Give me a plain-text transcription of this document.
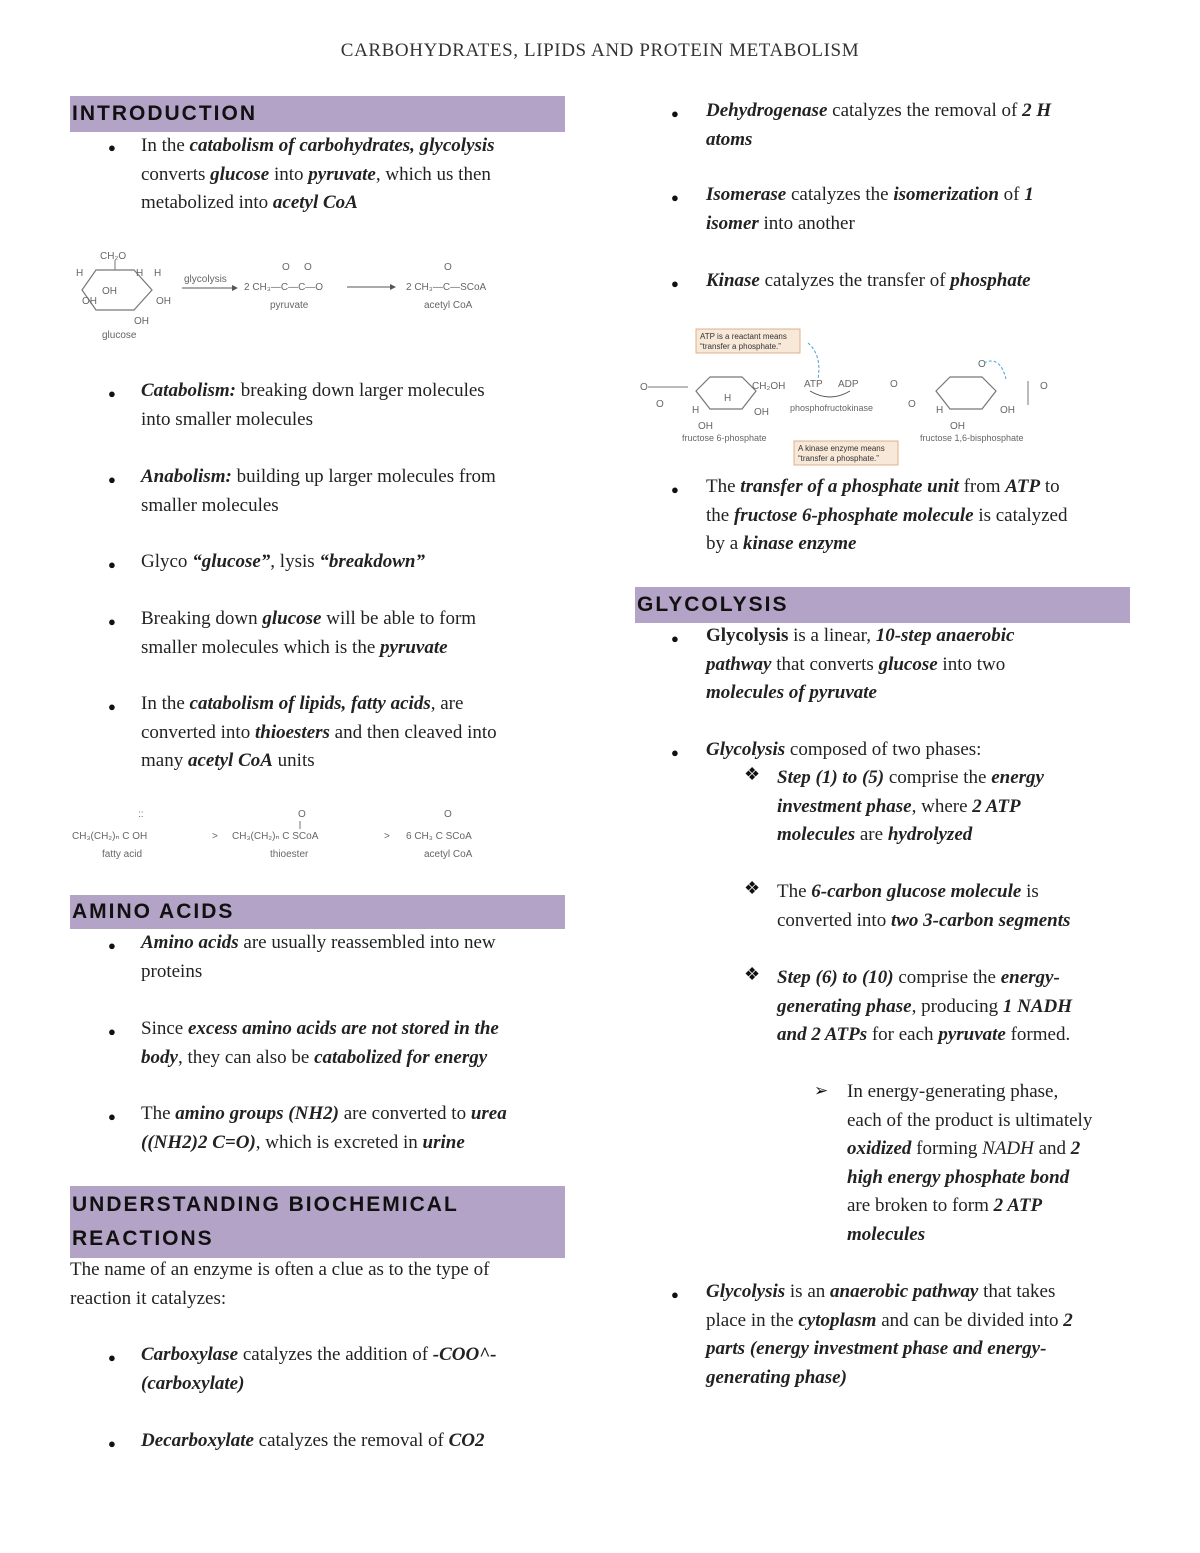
CARBOHYDRATES, LIPIDS AND PROTEIN METABOLISM
INTRODUCTION
● In the catabolism of carbohydrates, glycolysis
converts glucose into pyruvate, which us then
metabolized into acetyl CoA
CH₂O
H	H H
OH
OH
OH
OH
glucose
glycolysis
O O
2 CH₃—C—C—O
pyruvate
O
2 CH₃—C—SCoA
acetyl CoA
● Catabolism: breaking down larger molecules
into smaller molecules
● Anabolism: building up larger molecules from
smaller molecules
● Glyco “glucose”, lysis “breakdown”
● Breaking down glucose will be able to form
smaller molecules which is the pyruvate
● In the catabolism of lipids, fatty acids, are
converted into thioesters and then cleaved into
many acetyl CoA units
::
CH₃(CH₂)ₙ C OH
fatty acid
>
O
CH₃(CH₂)ₙ C SCoA
thioester
>
O
6 CH₃ C SCoA
acetyl CoA
AMINO ACIDS
● Amino acids are usually reassembled into new
proteins
● Since excess amino acids are not stored in the
body, they can also be catabolized for energy
● The amino groups (NH2) are converted to urea
((NH2)2 C=O), which is excreted in urine
UNDERSTANDING BIOCHEMICAL
REACTIONS
The name of an enzyme is often a clue as to the type of
reaction it catalyzes:
● Carboxylase catalyzes the addition of -COO^-
(carboxylate)
● Decarboxylate catalyzes the removal of CO2
● Dehydrogenase catalyzes the removal of 2 H
atoms
● Isomerase catalyzes the isomerization of 1
isomer into another
● Kinase catalyzes the transfer of phosphate
ATP is a reactant means
“transfer a phosphate.”
O
O
CH₂OH
H	OH
H
OH
fructose 6-phosphate
ATP ADP
phosphofructokinase
A kinase enzyme means
“transfer a phosphate.”
O
O
O
H	OH
OH
O
fructose 1,6-bisphosphate
● The transfer of a phosphate unit from ATP to
the fructose 6-phosphate molecule is catalyzed
by a kinase enzyme
GLYCOLYSIS
● Glycolysis is a linear, 10-step anaerobic
pathway that converts glucose into two
molecules of pyruvate
● Glycolysis composed of two phases:
❖ Step (1) to (5) comprise the energy
investment phase, where 2 ATP
molecules are hydrolyzed
❖ The 6-carbon glucose molecule is
converted into two 3-carbon segments
❖ Step (6) to (10) comprise the energy-
generating phase, producing 1 NADH
and 2 ATPs for each pyruvate formed.
➢ In energy-generating phase,
each of the product is ultimately
oxidized forming NADH and 2
high energy phosphate bond
are broken to form 2 ATP
molecules
● Glycolysis is an anaerobic pathway that takes
place in the cytoplasm and can be divided into 2
parts (energy investment phase and energy-
generating phase)
